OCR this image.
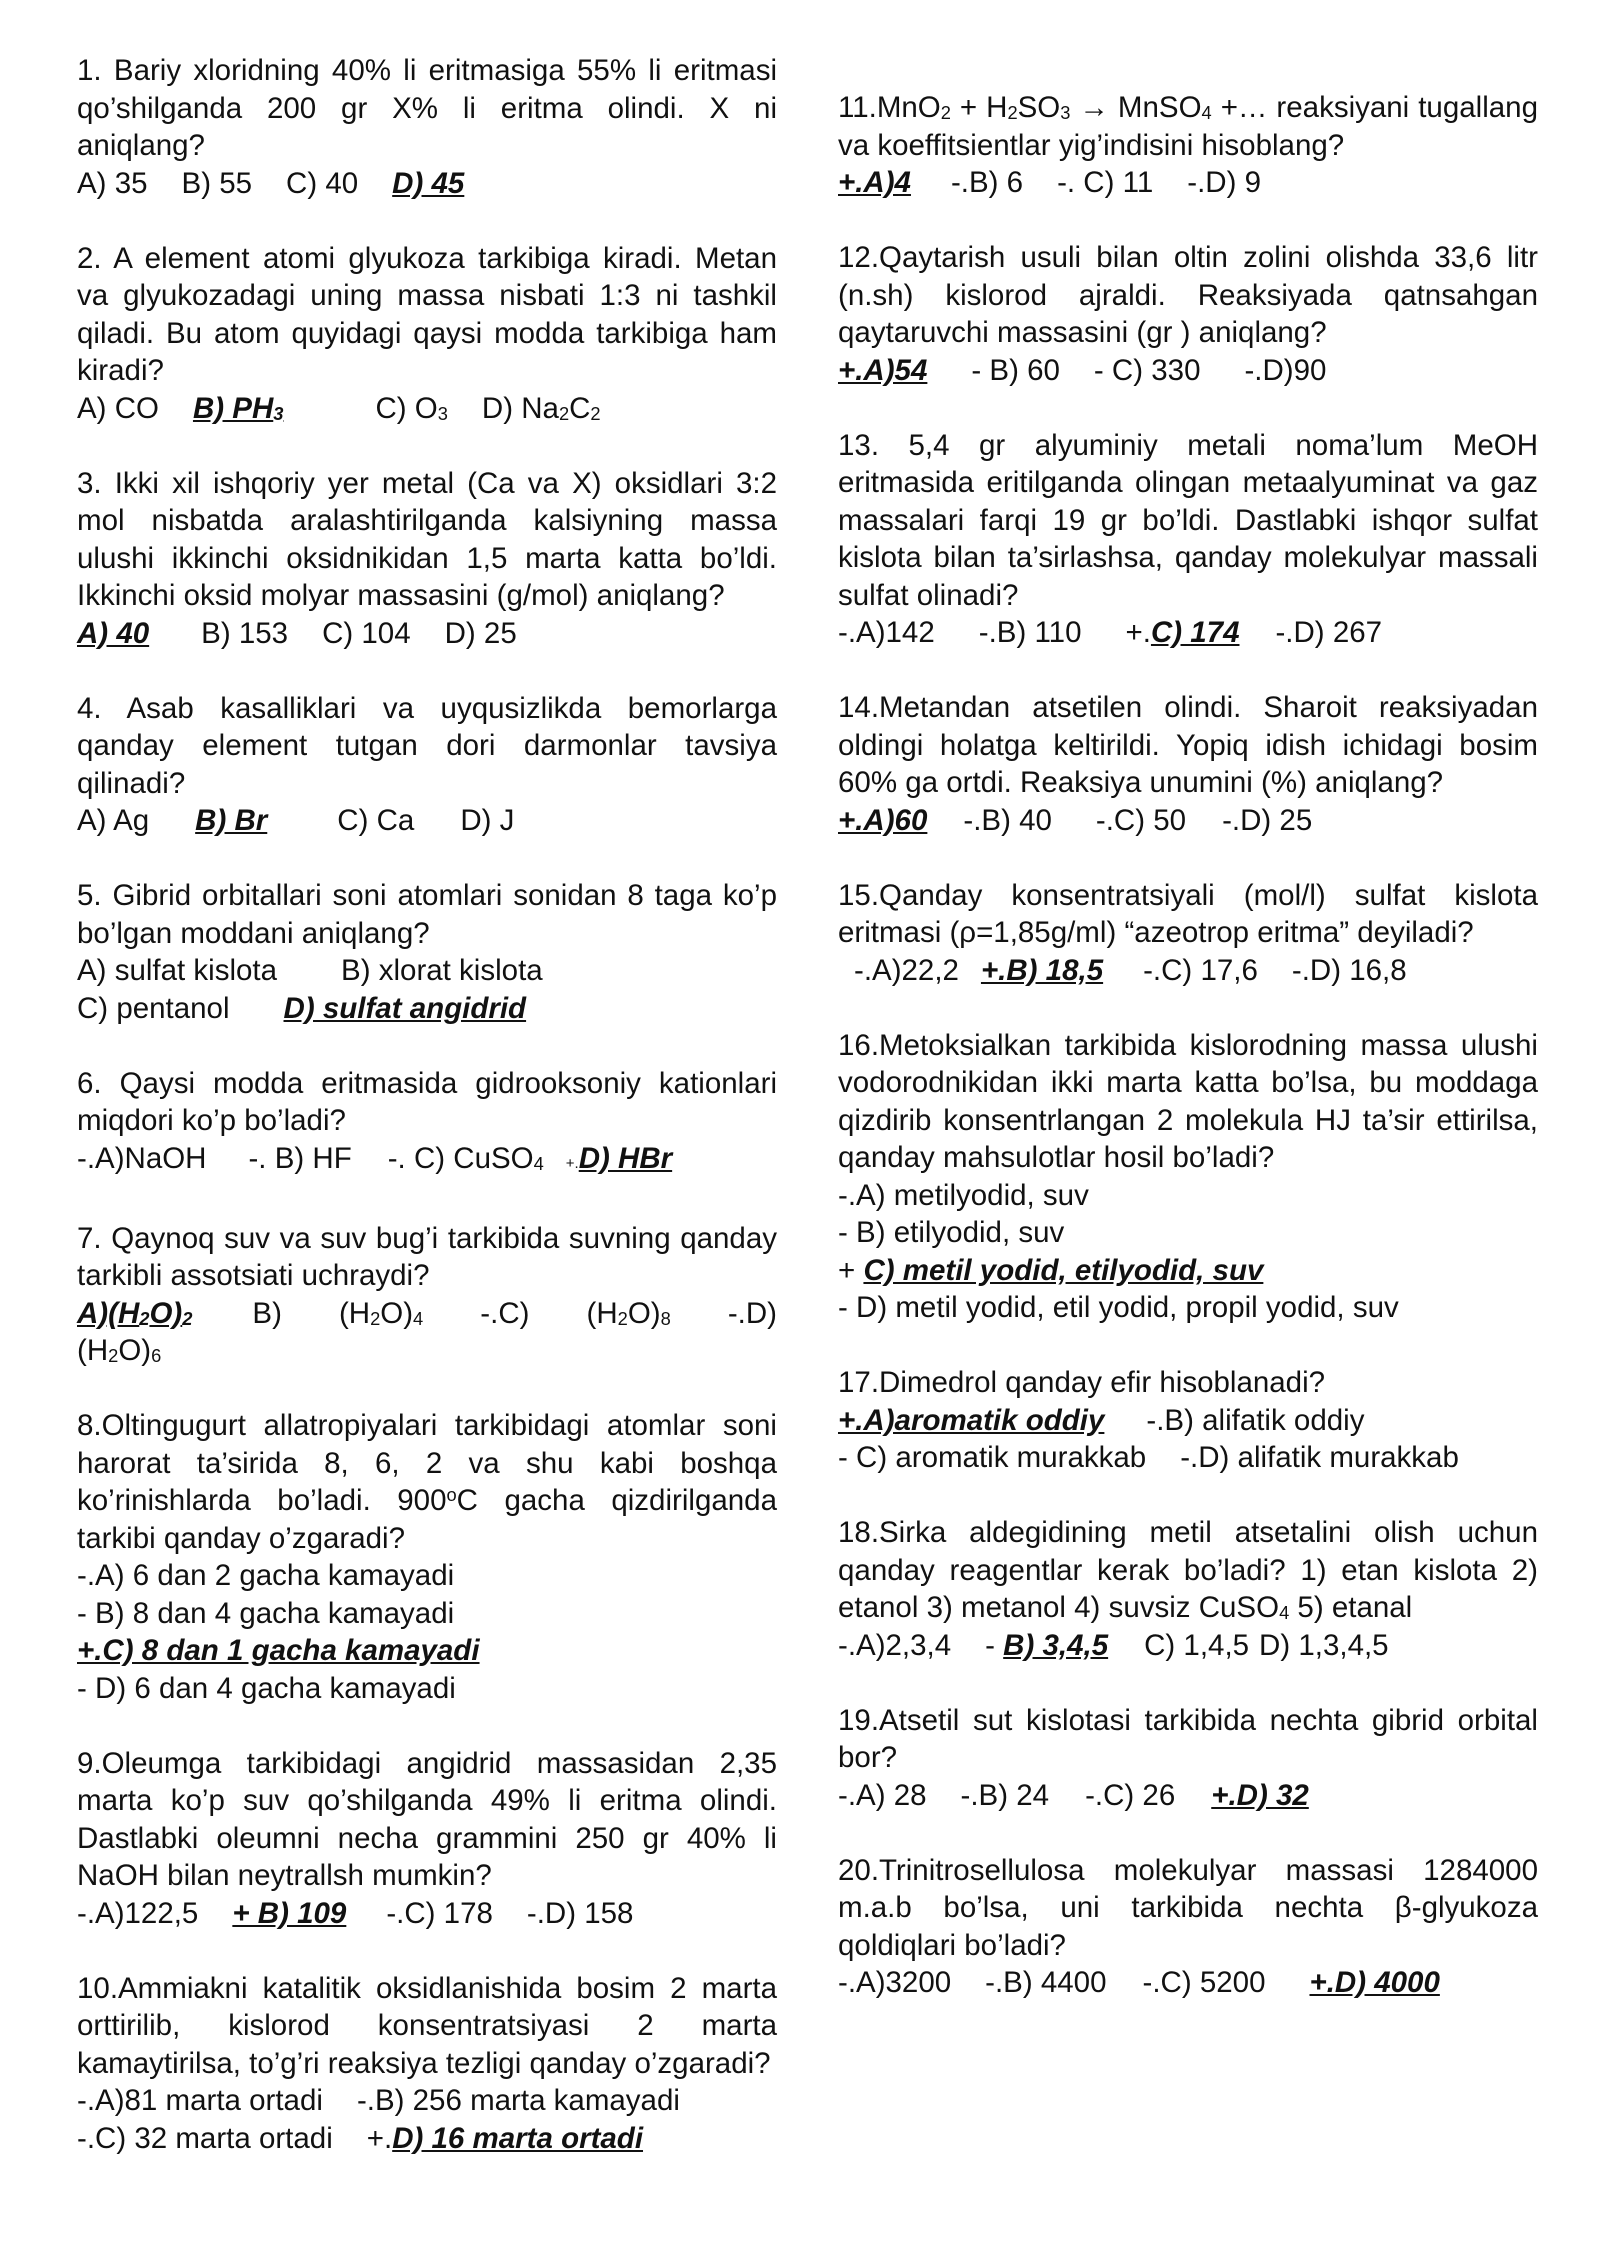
1. Bariy xloridning 40% li eritmasiga 55% li eritmasi qo’shilganda 200 gr X% li eritma olindi. X ni aniqlang?
A) 35 B) 55 C) 40 D) 45
2. A element atomi glyukoza tarkibiga kiradi. Metan va glyukozadagi uning massa nisbati 1:3 ni tashkil qiladi. Bu atom quyidagi qaysi modda tarkibiga ham kiradi?
A) CO B) $PH_3$	C) $O_3$ D) $Na_2C_2$
3. Ikki xil ishqoriy yer metal (Ca va X) oksidlari 3:2 mol nisbatda aralashtirilganda kalsiyning massa ulushi ikkinchi oksidnikidan 1,5 marta katta bo’ldi. Ikkinchi oksid molyar massasini (g/mol) aniqlang?
A) 40 B) 153 C) 104 D) 25
4. Asab kasalliklari va uyqusizlikda bemorlarga qanday element tutgan dori darmonlar tavsiya qilinadi?
A) Ag B) Br C) Ca D) J
5. Gibrid orbitallari soni atomlari sonidan 8 taga ko’p bo’lgan moddani aniqlang?
A) sulfat kislota B) xlorat kislota
C) pentanol D) sulfat angidrid
6. Qaysi modda eritmasida gidrooksoniy kationlari miqdori ko’p bo’ladi?
-.A)NaOH -. B) HF -. C) CuSO$_4$ +.D) HBr
7. Qaynoq suv va suv bug’i tarkibida suvning qanday tarkibli assotsiati uchraydi?
$A)(H_2O)_2$ B) $(H_2O)_4$ -.C) $(H_2O)_8$ -.D)
$(H_2O)_6$
8.Oltingugurt allatropiyalari tarkibidagi atomlar soni harorat ta’sirida 8, 6, 2 va shu kabi boshqa ko’rinishlarda bo’ladi. 900$^o$C gacha qizdirilganda tarkibi qanday o’zgaradi?
-.A) 6 dan 2 gacha kamayadi
- B) 8 dan 4 gacha kamayadi
+.C) 8 dan 1 gacha kamayadi
- D) 6 dan 4 gacha kamayadi
9.Oleumga tarkibidagi angidrid massasidan 2,35 marta ko’p suv qo’shilganda 49% li eritma olindi. Dastlabki oleumni necha grammini 250 gr 40% li NaOH bilan neytrallsh mumkin?
-.A)122,5 + B) 109 -.C) 178 -.D) 158
10.Ammiakni katalitik oksidlanishida bosim 2 marta orttirilib, kislorod konsentratsiyasi 2 marta kamaytirilsa, to’g’ri reaksiya tezligi qanday o’zgaradi?
-.A)81 marta ortadi -.B) 256 marta kamayadi
-.C) 32 marta ortadi +.D) 16 marta ortadi
$11.MnO_2 + H_2SO_3$ → MnSO$_4$ +… reaksiyani tugallang va koeffitsientlar yig’indisini hisoblang?
+.A)4 -.B) 6 -. C) 11 -.D) 9
12.Qaytarish usuli bilan oltin zolini olishda 33,6 litr (n.sh) kislorod ajraldi. Reaksiyada qatnsahgan qaytaruvchi massasini (gr ) aniqlang?
+.A)54 - B) 60 - C) 330 -.D)90
13. 5,4 gr alyuminiy metali noma’lum MeOH eritmasida eritilganda olingan metaalyuminat va gaz massalari farqi 19 gr bo’ldi. Dastlabki ishqor sulfat kislota bilan ta’sirlashsa, qanday molekulyar massali sulfat olinadi?
-.A)142 -.B) 110 +.C) 174 -.D) 267
14.Metandan atsetilen olindi. Sharoit reaksiyadan oldingi holatga keltirildi. Yopiq idish ichidagi bosim 60% ga ortdi. Reaksiya unumini (%) aniqlang?
+.A)60 -.B) 40 -.C) 50 -.D) 25
15.Qanday konsentratsiyali (mol/l) sulfat kislota eritmasi (ρ=1,85g/ml) “azeotrop eritma” deyiladi?
-.A)22,2 +.B) 18,5 -.C) 17,6 -.D) 16,8
16.Metoksialkan tarkibida kislorodning massa ulushi vodorodnikidan ikki marta katta bo’lsa, bu moddaga qizdirib konsentrlangan 2 molekula HJ ta’sir ettirilsa, qanday mahsulotlar hosil bo’ladi?
-.A) metilyodid, suv
- B) etilyodid, suv
+ C) metil yodid, etilyodid, suv
- D) metil yodid, etil yodid, propil yodid, suv
17.Dimedrol qanday efir hisoblanadi?
+.A)aromatik oddiy -.B) alifatik oddiy
- C) aromatik murakkab -.D) alifatik murakkab
18.Sirka aldegidining metil atsetalini olish uchun qanday reagentlar kerak bo’ladi? 1) etan kislota 2) etanol 3) metanol 4) suvsiz CuSO$_4$ 5) etanal
-.A)2,3,4 - B) 3,4,5 C) 1,4,5 D) 1,3,4,5
19.Atsetil sut kislotasi tarkibida nechta gibrid orbital bor?
-.A) 28 -.B) 24 -.C) 26 +.D) 32
20.Trinitrosellulosa molekulyar massasi 1284000 m.a.b bo’lsa, uni tarkibida nechta β-glyukoza qoldiqlari bo’ladi?
-.A)3200 -.B) 4400 -.C) 5200 +.D) 4000
